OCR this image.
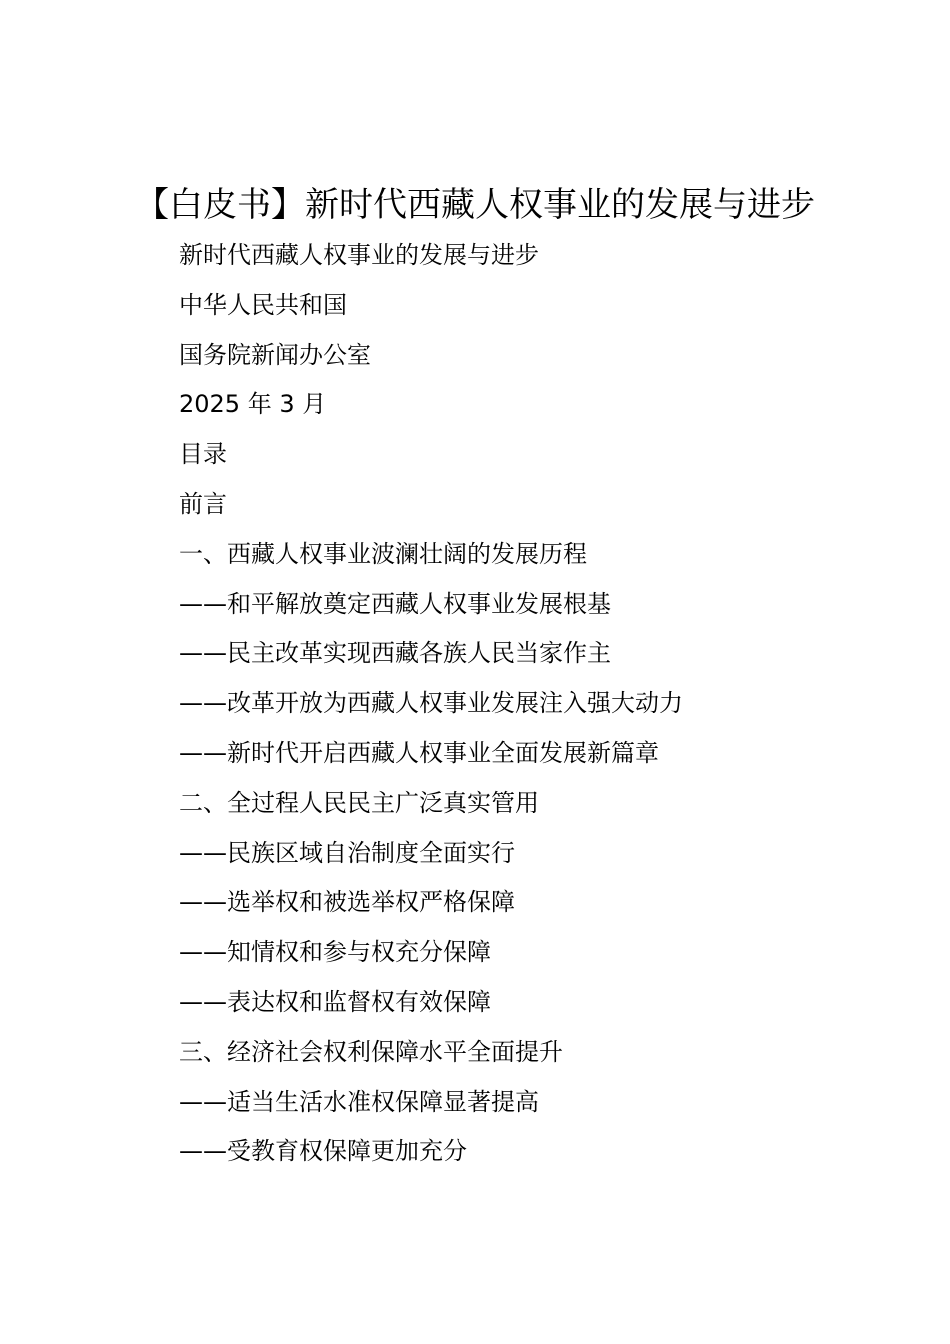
【白皮书】新时代西藏人权事业的发展与进步
新时代西藏人权事业的发展与进步
中华人民共和国
国务院新闻办公室
2025 年 3 月
目录
前言
一、西藏人权事业波澜壮阔的发展历程
——和平解放奠定西藏人权事业发展根基
——民主改革实现西藏各族人民当家作主
——改革开放为西藏人权事业发展注入强大动力
——新时代开启西藏人权事业全面发展新篇章
二、全过程人民民主广泛真实管用
——民族区域自治制度全面实行
——选举权和被选举权严格保障
——知情权和参与权充分保障
——表达权和监督权有效保障
三、经济社会权利保障水平全面提升
——适当生活水准权保障显著提高
——受教育权保障更加充分
